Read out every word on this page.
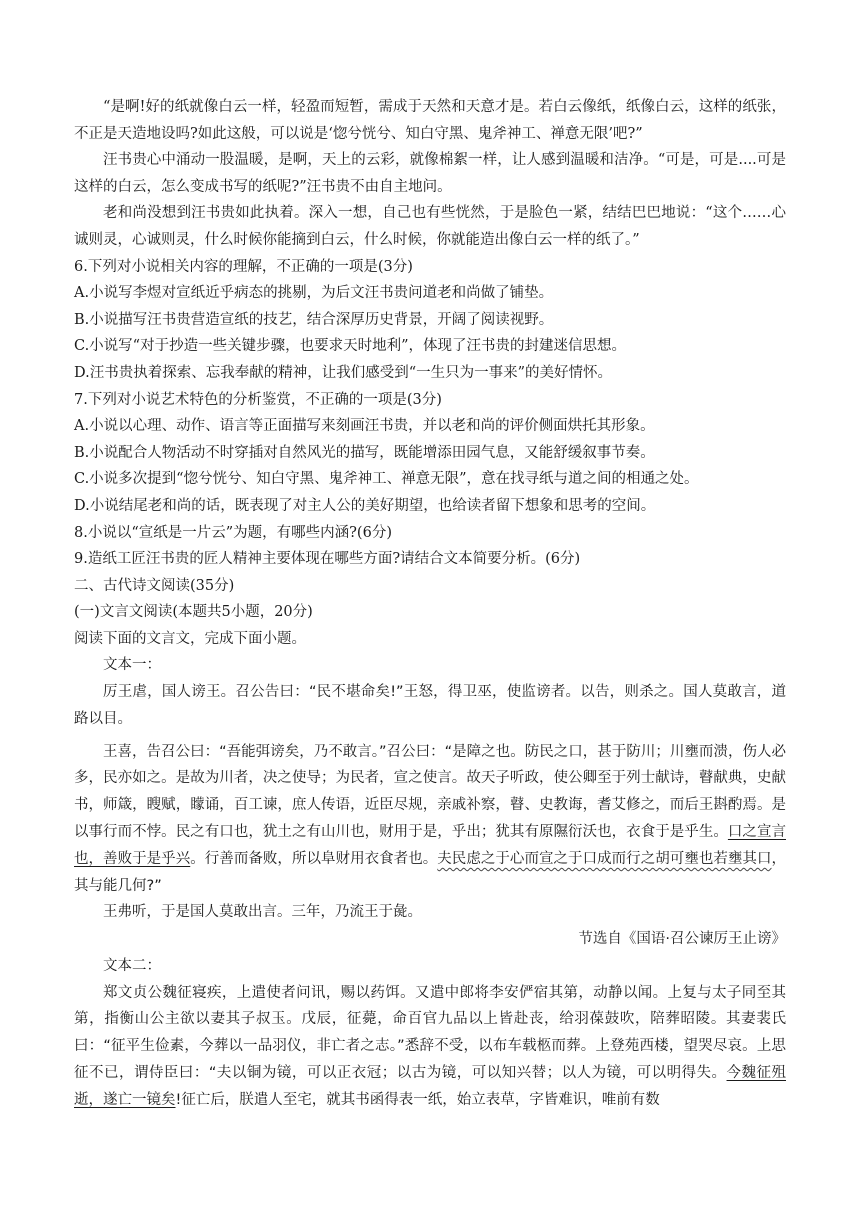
“是啊!好的纸就像白云一样，轻盈而短暂，需成于天然和天意才是。若白云像纸，纸像白云，这样的纸张，不正是天造地设吗?如此这般，可以说是‘惚兮恍兮、知白守黑、鬼斧神工、禅意无限’吧?”

汪书贵心中涌动一股温暖，是啊，天上的云彩，就像棉絮一样，让人感到温暖和洁净。“可是，可是....可是这样的白云，怎么变成书写的纸呢?”汪书贵不由自主地问。

老和尚没想到汪书贵如此执着。深入一想，自己也有些恍然，于是脸色一紧，结结巴巴地说：“这个……心诚则灵，心诚则灵，什么时候你能摘到白云，什么时候，你就能造出像白云一样的纸了。”

6.下列对小说相关内容的理解，不正确的一项是(3分)

A.小说写李煜对宣纸近乎病态的挑剔，为后文汪书贵问道老和尚做了铺垫。

B.小说描写汪书贵营造宣纸的技艺，结合深厚历史背景，开阔了阅读视野。

C.小说写“对于抄造一些关键步骤，也要求天时地利”，体现了汪书贵的封建迷信思想。

D.汪书贵执着探索、忘我奉献的精神，让我们感受到“一生只为一事来”的美好情怀。

7.下列对小说艺术特色的分析鉴赏，不正确的一项是(3分)

A.小说以心理、动作、语言等正面描写来刻画汪书贵，并以老和尚的评价侧面烘托其形象。

B.小说配合人物活动不时穿插对自然风光的描写，既能增添田园气息，又能舒缓叙事节奏。

C.小说多次提到“惚兮恍兮、知白守黑、鬼斧神工、禅意无限”，意在找寻纸与道之间的相通之处。

D.小说结尾老和尚的话，既表现了对主人公的美好期望，也给读者留下想象和思考的空间。

8.小说以“宣纸是一片云”为题，有哪些内涵?(6分)

9.造纸工匠汪书贵的匠人精神主要体现在哪些方面?请结合文本简要分析。(6分)

二、古代诗文阅读(35分)

(一)文言文阅读(本题共5小题，20分)

阅读下面的文言文，完成下面小题。

文本一：

厉王虐，国人谤王。召公告曰：“民不堪命矣!”王怒，得卫巫，使监谤者。以告，则杀之。国人莫敢言，道路以目。

王喜，告召公曰：“吾能弭谤矣，乃不敢言。”召公曰：“是障之也。防民之口，甚于防川；川壅而溃，伤人必多，民亦如之。是故为川者，决之使导；为民者，宣之使言。故天子听政，使公卿至于列士献诗，瞽献典，史献书，师箴，瞍赋，矇诵，百工谏，庶人传语，近臣尽规，亲戚补察，瞽、史教诲，耆艾修之，而后王斟酌焉。是以事行而不悖。民之有口也，犹土之有山川也，财用于是，乎出；犹其有原隰衍沃也，衣食于是乎生。口之宣言也，善败于是乎兴。行善而备败，所以阜财用衣食者也。夫民虑之于心而宣之于口成而行之胡可壅也若壅其口，其与能几何?”

王弗听，于是国人莫敢出言。三年，乃流王于彘。

节选自《国语·召公谏厉王止谤》

文本二：

郑文贞公魏征寝疾，上遣使者问讯，赐以药饵。又遣中郎将李安俨宿其第，动静以闻。上复与太子同至其第，指衡山公主欲以妻其子叔玉。戊辰，征薨，命百官九品以上皆赴丧，给羽葆鼓吹，陪葬昭陵。其妻裴氏曰：“征平生俭素，今葬以一品羽仪，非亡者之志。”悉辞不受，以布车载柩而葬。上登苑西楼，望哭尽哀。上思征不已，谓侍臣曰：“夫以铜为镜，可以正衣冠；以古为镜，可以知兴替；以人为镜，可以明得失。今魏征殂逝，遂亡一镜矣!征亡后，朕遣人至宅，就其书函得表一纸，始立表草，字皆难识，唯前有数
